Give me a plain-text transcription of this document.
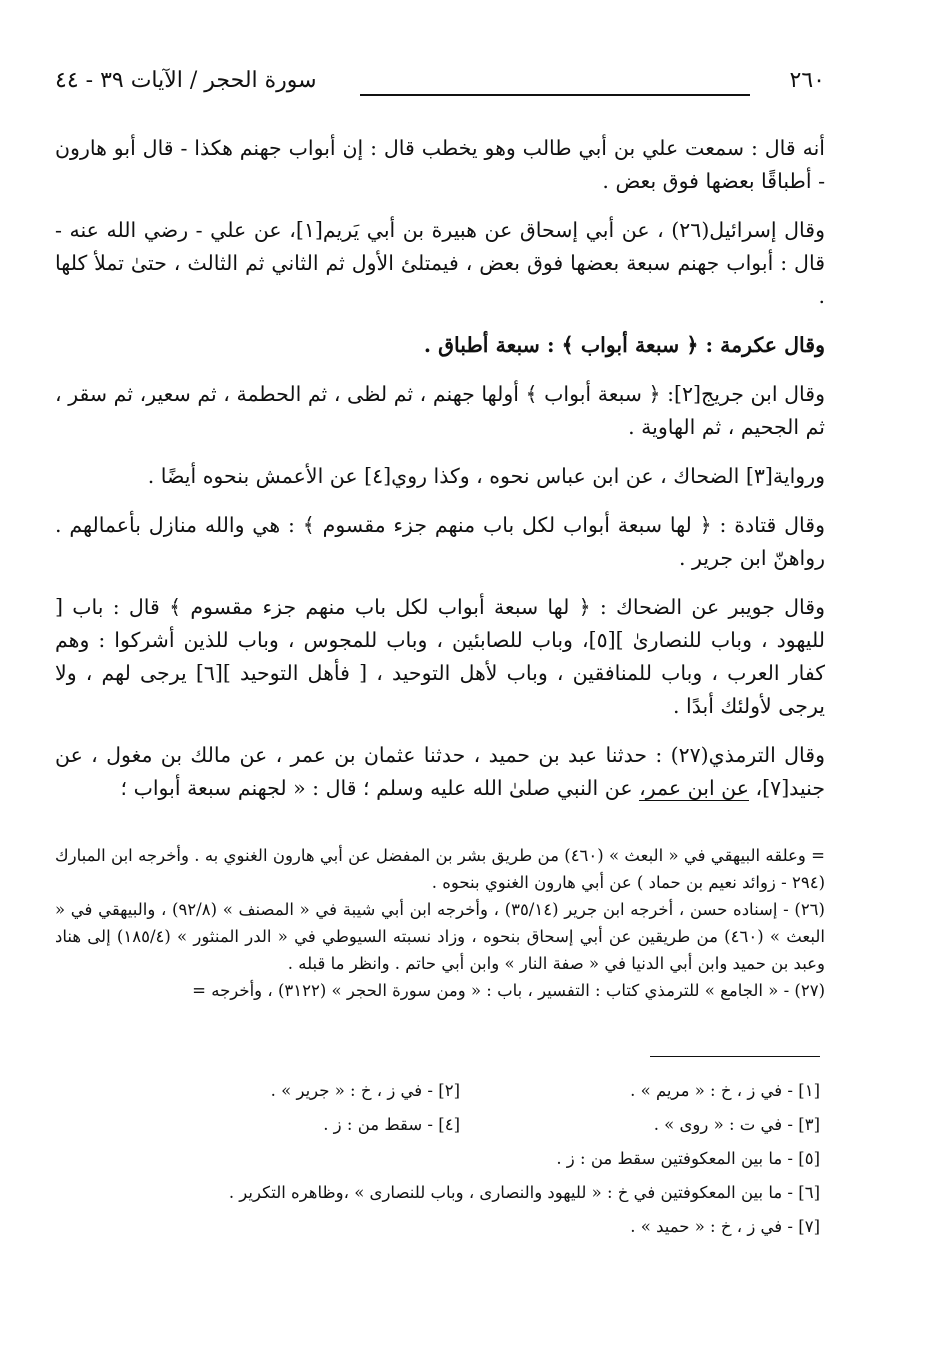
٢٦٠
سورة الحجر / الآيات ٣٩ - ٤٤

أنه قال : سمعت علي بن أبي طالب وهو يخطب قال : إن أبواب جهنم هكذا - قال أبو هارون - أطباقًا بعضها فوق بعض .

وقال إسرائيل(٢٦) ، عن أبي إسحاق عن هبيرة بن أبي يَريم[١]، عن علي - رضي الله عنه - قال : أبواب جهنم سبعة بعضها فوق بعض ، فيمتلئ الأول ثم الثاني ثم الثالث ، حتىٰ تملأ كلها .

وقال عكرمة : ﴿ سبعة أبواب ﴾ : سبعة أطباق .

وقال ابن جريج[٢]: ﴿ سبعة أبواب ﴾ أولها جهنم ، ثم لظى ، ثم الحطمة ، ثم سعير، ثم سقر ، ثم الجحيم ، ثم الهاوية .

ورواية[٣] الضحاك ، عن ابن عباس نحوه ، وكذا روي[٤] عن الأعمش بنحوه أيضًا .

وقال قتادة : ﴿ لها سبعة أبواب لكل باب منهم جزء مقسوم ﴾ : هي والله منازل بأعمالهم . رواهنّ ابن جرير .

وقال جويبر عن الضحاك : ﴿ لها سبعة أبواب لكل باب منهم جزء مقسوم ﴾ قال : باب [ لليهود ، وباب للنصارىٰ ][٥]، وباب للصابئين ، وباب للمجوس ، وباب للذين أشركوا : وهم كفار العرب ، وباب للمنافقين ، وباب لأهل التوحيد ، [ فأهل التوحيد ][٦] يرجى لهم ، ولا يرجى لأولئك أبدًا .

وقال الترمذي(٢٧) : حدثنا عبد بن حميد ، حدثنا عثمان بن عمر ، عن مالك بن مغول ، عن جنيد[٧]، عن ابن عمر، عن النبي صلىٰ الله عليه وسلم ؛ قال : « لجهنم سبعة أبواب ؛

= وعلقه البيهقي في « البعث » (٤٦٠) من طريق بشر بن المفضل عن أبي هارون الغنوي به . وأخرجه ابن المبارك (٢٩٤ - زوائد نعيم بن حماد ) عن أبي هارون الغنوي بنحوه .

(٢٦) - إسناده حسن ، أخرجه ابن جرير (٣٥/١٤) ، وأخرجه ابن أبي شيبة في « المصنف » (٩٢/٨) ، والبيهقي في « البعث » (٤٦٠) من طريقين عن أبي إسحاق بنحوه ، وزاد نسبته السيوطي في « الدر المنثور » (١٨٥/٤) إلى هناد وعبد بن حميد وابن أبي الدنيا في « صفة النار » وابن أبي حاتم . وانظر ما قبله .

(٢٧) - « الجامع » للترمذي كتاب : التفسير ، باب : « ومن سورة الحجر » (٣١٢٢) ، وأخرجه =

[١] - في ز ، خ : « مريم » .
[٢] - في ز ، خ : « جرير » .
[٣] - في ت : « روى » .
[٤] - سقط من : ز .
[٥] - ما بين المعكوفتين سقط من : ز .
[٦] - ما بين المعكوفتين في خ : « لليهود والنصارى ، وباب للنصارى » ،وظاهره التكرير .
[٧] - في ز ، خ : « حميد » .
